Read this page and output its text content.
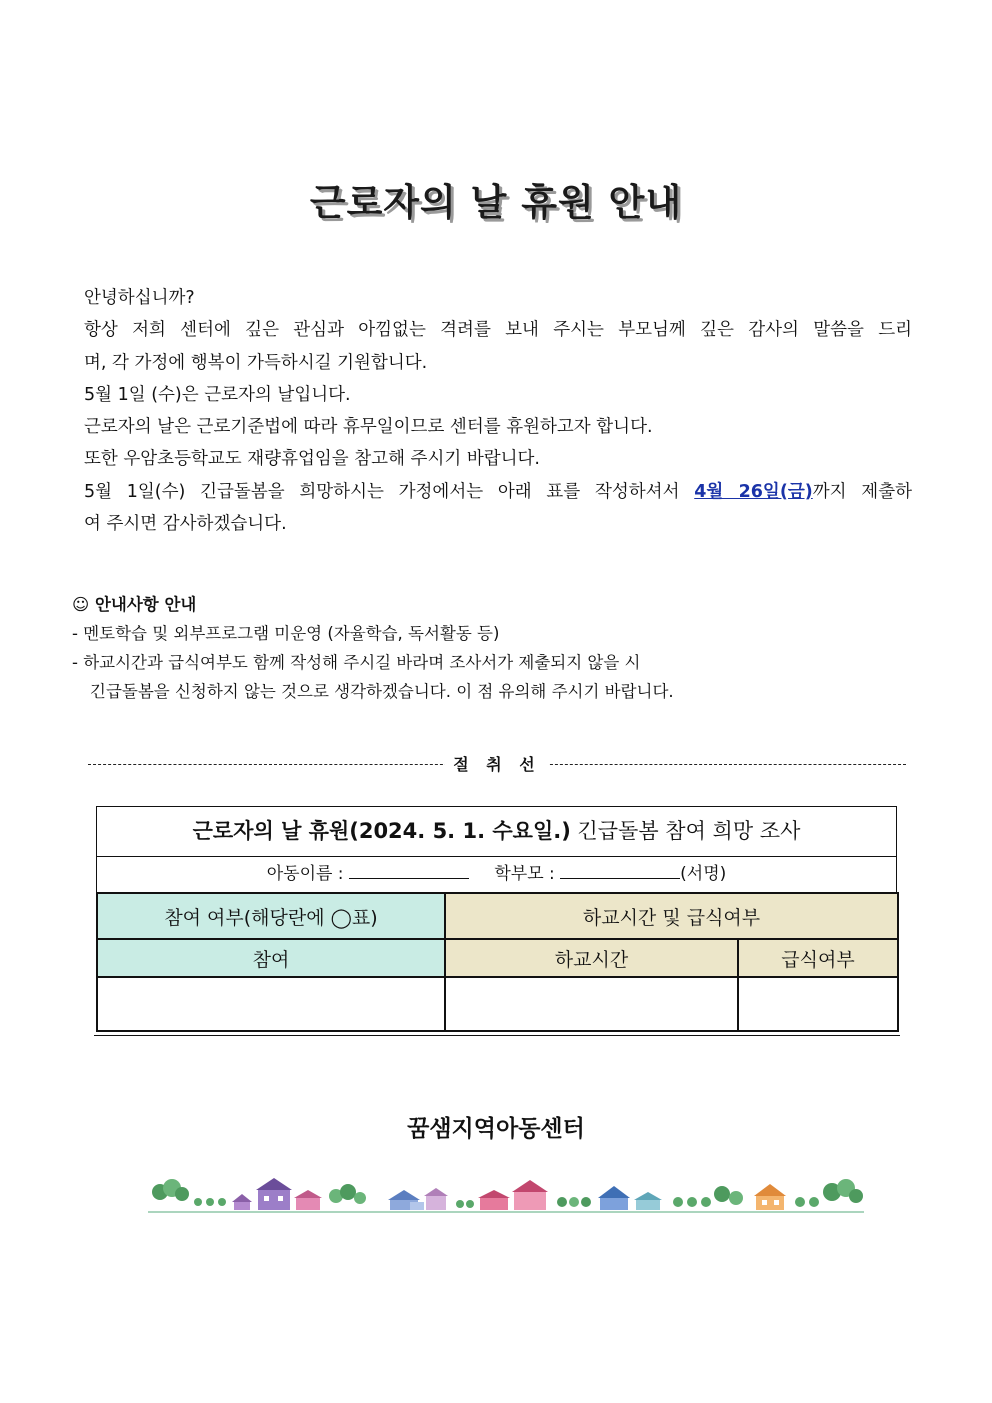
근로자의 날 휴원 안내

안녕하십니까?

항상 저희 센터에 깊은 관심과 아낌없는 격려를 보내 주시는 부모님께 깊은 감사의 말씀을 드리

며, 각 가정에 행복이 가득하시길 기원합니다.

5월 1일 (수)은 근로자의 날입니다.

근로자의 날은 근로기준법에 따라 휴무일이므로 센터를 휴원하고자 합니다.

또한 우암초등학교도 재량휴업임을 참고해 주시기 바랍니다.

5월 1일(수) 긴급돌봄을 희망하시는 가정에서는 아래 표를 작성하셔서 4월 26일(금)까지 제출하

여 주시면 감사하겠습니다.

☺ 안내사항 안내

- 멘토학습 및 외부프로그램 미운영 (자율학습, 독서활동 등)

- 하교시간과 급식여부도 함께 작성해 주시길 바라며 조사서가 제출되지 않을 시

긴급돌봄을 신청하지 않는 것으로 생각하겠습니다. 이 점 유의해 주시기 바랍니다.

절 취 선
근로자의 날 휴원(2024. 5. 1. 수요일.) 긴급돌봄 참여 희망 조사
아동이름 :	학부모 :	(서명)
참여 여부(해당란에 ◯표)	하교시간 및 급식여부	
참여	하교시간	급식여부

꿈샘지역아동센터
